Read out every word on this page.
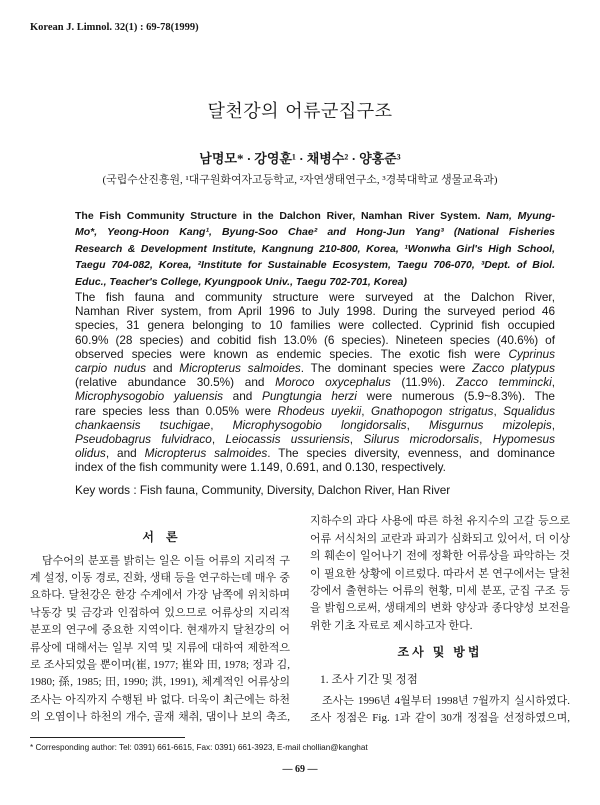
Korean J. Limnol. 32(1) : 69-78(1999)
달천강의 어류군집구조
남명모* · 강영훈¹ · 채병수² · 양홍준³
(국립수산진흥원, ¹대구원화여자고등학교, ²자연생태연구소, ³경북대학교 생물교육과)
The Fish Community Structure in the Dalchon River, Namhan River System. Nam, Myung-
Mo*, Yeong-Hoon Kang¹, Byung-Soo Chae² and Hong-Jun Yang³ (National Fisheries
Research & Development Institute, Kangnung 210-800, Korea, ¹Wonwha Girl's High School,
Taegu 704-082, Korea, ²Institute for Sustainable Ecosystem, Taegu 706-070, ³Dept. of Biol.
Educ., Teacher's College, Kyungpook Univ., Taegu 702-701, Korea)
The fish fauna and community structure were surveyed at the Dalchon River,
Namhan River system, from April 1996 to July 1998. During the surveyed period 46
species, 31 genera belonging to 10 families were collected. Cyprinid fish occupied
60.9% (28 species) and cobitid fish 13.0% (6 species). Nineteen species (40.6%) of
observed species were known as endemic species. The exotic fish were Cyprinus
carpio nudus and Micropterus salmoides. The dominant species were Zacco platypus
(relative abundance 30.5%) and Moroco oxycephalus (11.9%). Zacco temmincki,
Microphysogobio yaluensis and Pungtungia herzi were numerous (5.9~8.3%). The
rare species less than 0.05% were Rhodeus uyekii, Gnathopogon strigatus, Squalidus
chankaensis tsuchigae, Microphysogobio longidorsalis, Misgurnus mizolepis,
Pseudobagrus fulvidraco, Leiocassis ussuriensis, Silurus microdorsalis, Hypomesus
olidus, and Micropterus salmoides. The species diversity, evenness, and dominance
index of the fish community were 1.149, 0.691, and 0.130, respectively.
Key words : Fish fauna, Community, Diversity, Dalchon River, Han River
서    론
담수어의 분포를 밝히는 일은 이들 어류의 지리적 구
계 설정, 이동 경로, 진화, 생태 등을 연구하는데 매우 중
요하다. 달천강은 한강 수계에서 가장 남쪽에 위치하며
낙동강 및 금강과 인접하여 있으므로 어류상의 지리적
분포의 연구에 중요한 지역이다. 현재까지 달천강의 어
류상에 대해서는 일부 지역 및 지류에 대하여 제한적으
로 조사되었을 뿐이며(崔, 1977; 崔와 田, 1978; 정과 김,
1980; 孫, 1985; 田, 1990; 洪, 1991), 체계적인 어류상의
조사는 아직까지 수행된 바 없다. 더욱이 최근에는 하천
의 오염이나 하천의 개수, 골재 채취, 댐이나 보의 축조,
지하수의 과다 사용에 따른 하천 유지수의 고갈 등으로
어류 서식처의 교란과 파괴가 심화되고 있어서, 더 이상
의 훼손이 일어나기 전에 정확한 어류상을 파악하는 것
이 필요한 상황에 이르렀다. 따라서 본 연구에서는 달천
강에서 출현하는 어류의 현황, 미세 분포, 군집 구조 등
을 밝힘으로써, 생태계의 변화 양상과 종다양성 보전을
위한 기초 자료로 제시하고자 한다.
조사 및 방법
1. 조사 기간 및 정점
조사는 1996년 4월부터 1998년 7월까지 실시하였다.
조사 정점은 Fig. 1과 같이 30개 정점을 선정하였으며,
* Corresponding author: Tel: 0391) 661-6615, Fax: 0391) 661-3923, E-mail chollian@kanghat
— 69 —
